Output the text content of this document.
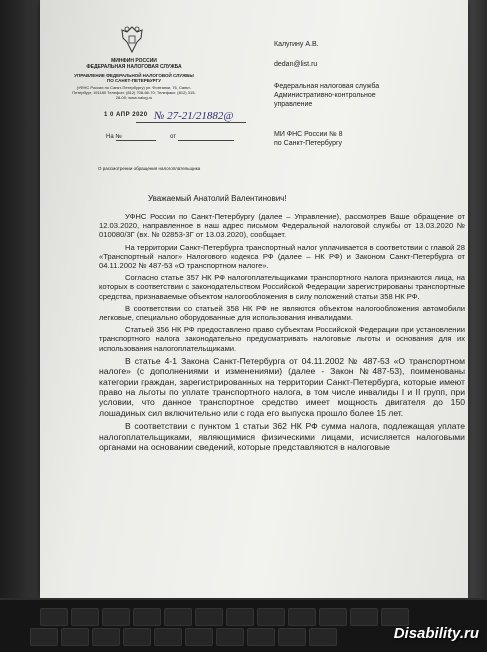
МИНФИН РОССИИ
ФЕДЕРАЛЬНАЯ НАЛОГОВАЯ СЛУЖБА
УПРАВЛЕНИЕ ФЕДЕРАЛЬНОЙ НАЛОГОВОЙ СЛУЖБЫ ПО САНКТ-ПЕТЕРБУРГУ
(УФНС России по Санкт-Петербургу) ул. Фонтанки, 76, Санкт-Петербург, 191180 Телефон: (812) 708-66-70; Телефакс: (812) 315-28-00; www.nalog.ru
1 0 АПР 2020 № 27-21/21882@
На №	от
О рассмотрении обращения налогоплательщика
Калугину А.В.
dedan@list.ru
Федеральная налоговая служба
Административно-контрольное
управление
МИ ФНС России № 8
по Санкт-Петербургу
Уважаемый Анатолий Валентинович!

УФНС России по Санкт-Петербургу (далее – Управление), рассмотрев Ваше обращение от 12.03.2020, направленное в наш адрес письмом Федеральной налоговой службы от 13.03.2020 № 010080/3Г (вх. № 02853-3Г от 13.03.2020), сообщает.

На территории Санкт-Петербурга транспортный налог уплачивается в соответствии с главой 28 «Транспортный налог» Налогового кодекса РФ (далее – НК РФ) и Законом Санкт-Петербурга от 04.11.2002 № 487-53 «О транспортном налоге».

Согласно статье 357 НК РФ налогоплательщиками транспортного налога признаются лица, на которых в соответствии с законодательством Российской Федерации зарегистрированы транспортные средства, признаваемые объектом налогообложения в силу положений статьи 358 НК РФ.

В соответствии со статьей 358 НК РФ не являются объектом налогообложения автомобили легковые, специально оборудованные для использования инвалидами.

Статьей 356 НК РФ предоставлено право субъектам Российской Федерации при установлении транспортного налога законодательно предусматривать налоговые льготы и основания для их использования налогоплательщиками.

В статье 4-1 Закона Санкт-Петербурга от 04.11.2002 № 487-53 «О транспортном налоге» (с дополнениями и изменениями) (далее - Закон №487-53), поименованы категории граждан, зарегистрированных на территории Санкт-Петербурга, которые имеют право на льготы по уплате транспортного налога, в том числе инвалиды I и II групп, при условии, что данное транспортное средство имеет мощность двигателя до 150 лошадиных сил включительно или с года его выпуска прошло более 15 лет.

В соответствии с пунктом 1 статьи 362 НК РФ сумма налога, подлежащая уплате налогоплательщиками, являющимися физическими лицами, исчисляется налоговыми органами на основании сведений, которые представляются в налоговые

Disability.ru
